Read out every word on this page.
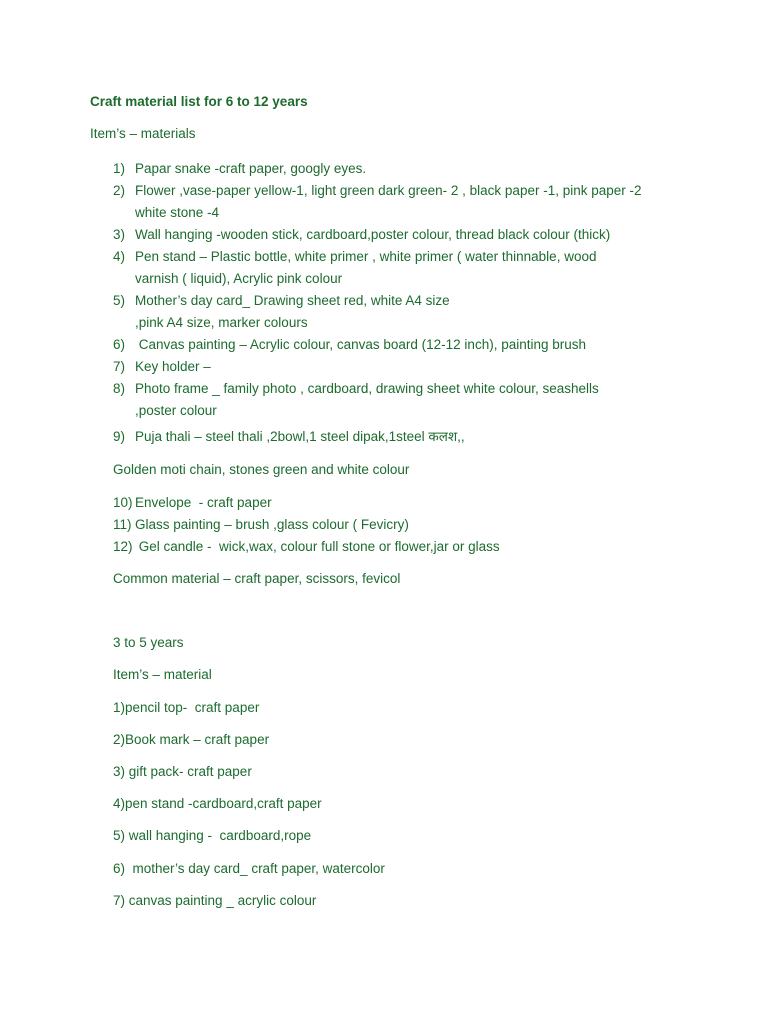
Craft material list for 6 to 12 years
Item’s – materials
1) Papar snake -craft paper, googly eyes.
2) Flower ,vase-paper yellow-1, light green dark green- 2 , black paper -1, pink paper -2
white stone -4
3) Wall hanging -wooden stick, cardboard,poster colour, thread black colour (thick)
4) Pen stand – Plastic bottle, white primer , white primer ( water thinnable, wood
varnish ( liquid), Acrylic pink colour
5) Mother’s day card_ Drawing sheet red, white A4 size
,pink A4 size, marker colours
6) Canvas painting – Acrylic colour, canvas board (12-12 inch), painting brush
7) Key holder –
8) Photo frame _ family photo , cardboard, drawing sheet white colour, seashells
,poster colour
9) Puja thali – steel thali ,2bowl,1 steel dipak,1steel कलश,,
Golden moti chain, stones green and white colour
10) Envelope  - craft paper
11) Glass painting – brush ,glass colour ( Fevicry)
12) Gel candle -  wick,wax, colour full stone or flower,jar or glass
Common material – craft paper, scissors, fevicol
3 to 5 years
Item’s – material
1)pencil top-  craft paper
2)Book mark – craft paper
3) gift pack- craft paper
4)pen stand -cardboard,craft paper
5) wall hanging -  cardboard,rope
6)  mother’s day card_ craft paper, watercolor
7) canvas painting _ acrylic colour
